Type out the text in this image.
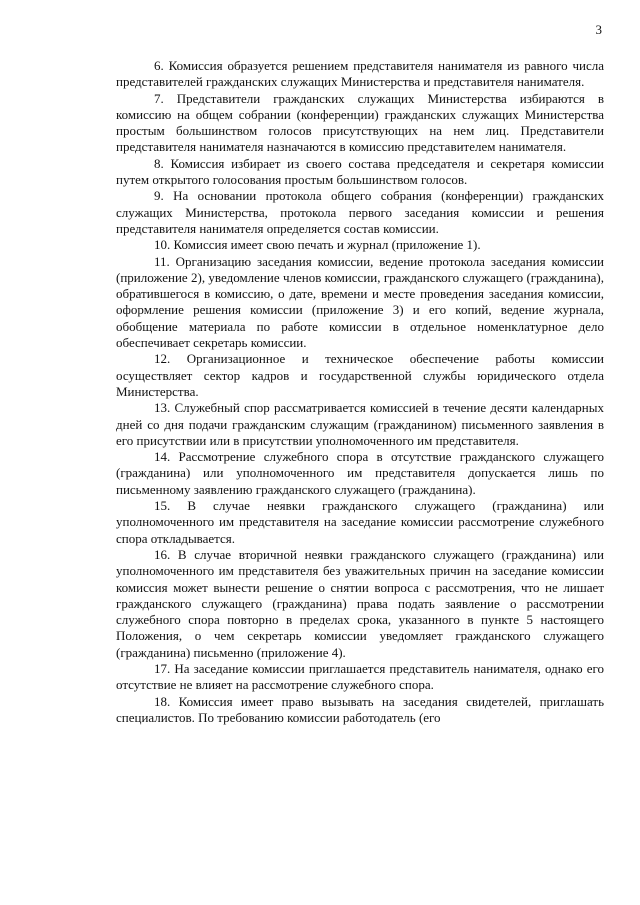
3

6. Комиссия образуется решением представителя нанимателя из равного числа представителей гражданских служащих Министерства и представителя нанимателя.

7. Представители гражданских служащих Министерства избираются в комиссию на общем собрании (конференции) гражданских служащих Министерства простым большинством голосов присутствующих на нем лиц. Представители представителя нанимателя назначаются в комиссию представителем нанимателя.

8. Комиссия избирает из своего состава председателя и секретаря комиссии путем открытого голосования простым большинством голосов.

9. На основании протокола общего собрания (конференции) гражданских служащих Министерства, протокола первого заседания комиссии и решения представителя нанимателя определяется состав комиссии.

10. Комиссия имеет свою печать и журнал (приложение 1).

11. Организацию заседания комиссии, ведение протокола заседания комиссии (приложение 2), уведомление членов комиссии, гражданского служащего (гражданина), обратившегося в комиссию, о дате, времени и месте проведения заседания комиссии, оформление решения комиссии (приложение 3) и его копий, ведение журнала, обобщение материала по работе комиссии в отдельное номенклатурное дело обеспечивает секретарь комиссии.

12. Организационное и техническое обеспечение работы комиссии осуществляет сектор кадров и государственной службы юридического отдела Министерства.

13. Служебный спор рассматривается комиссией в течение десяти календарных дней со дня подачи гражданским служащим (гражданином) письменного заявления в его присутствии или в присутствии уполномоченного им представителя.

14. Рассмотрение служебного спора в отсутствие гражданского служащего (гражданина) или уполномоченного им представителя допускается лишь по письменному заявлению гражданского служащего (гражданина).

15. В случае неявки гражданского служащего (гражданина) или уполномоченного им представителя на заседание комиссии рассмотрение служебного спора откладывается.

16. В случае вторичной неявки гражданского служащего (гражданина) или уполномоченного им представителя без уважительных причин на заседание комиссии комиссия может вынести решение о снятии вопроса с рассмотрения, что не лишает гражданского служащего (гражданина) права подать заявление о рассмотрении служебного спора повторно в пределах срока, указанного в пункте 5 настоящего Положения, о чем секретарь комиссии уведомляет гражданского служащего (гражданина) письменно (приложение 4).

17. На заседание комиссии приглашается представитель нанимателя, однако его отсутствие не влияет на рассмотрение служебного спора.

18. Комиссия имеет право вызывать на заседания свидетелей, приглашать специалистов. По требованию комиссии работодатель (его
